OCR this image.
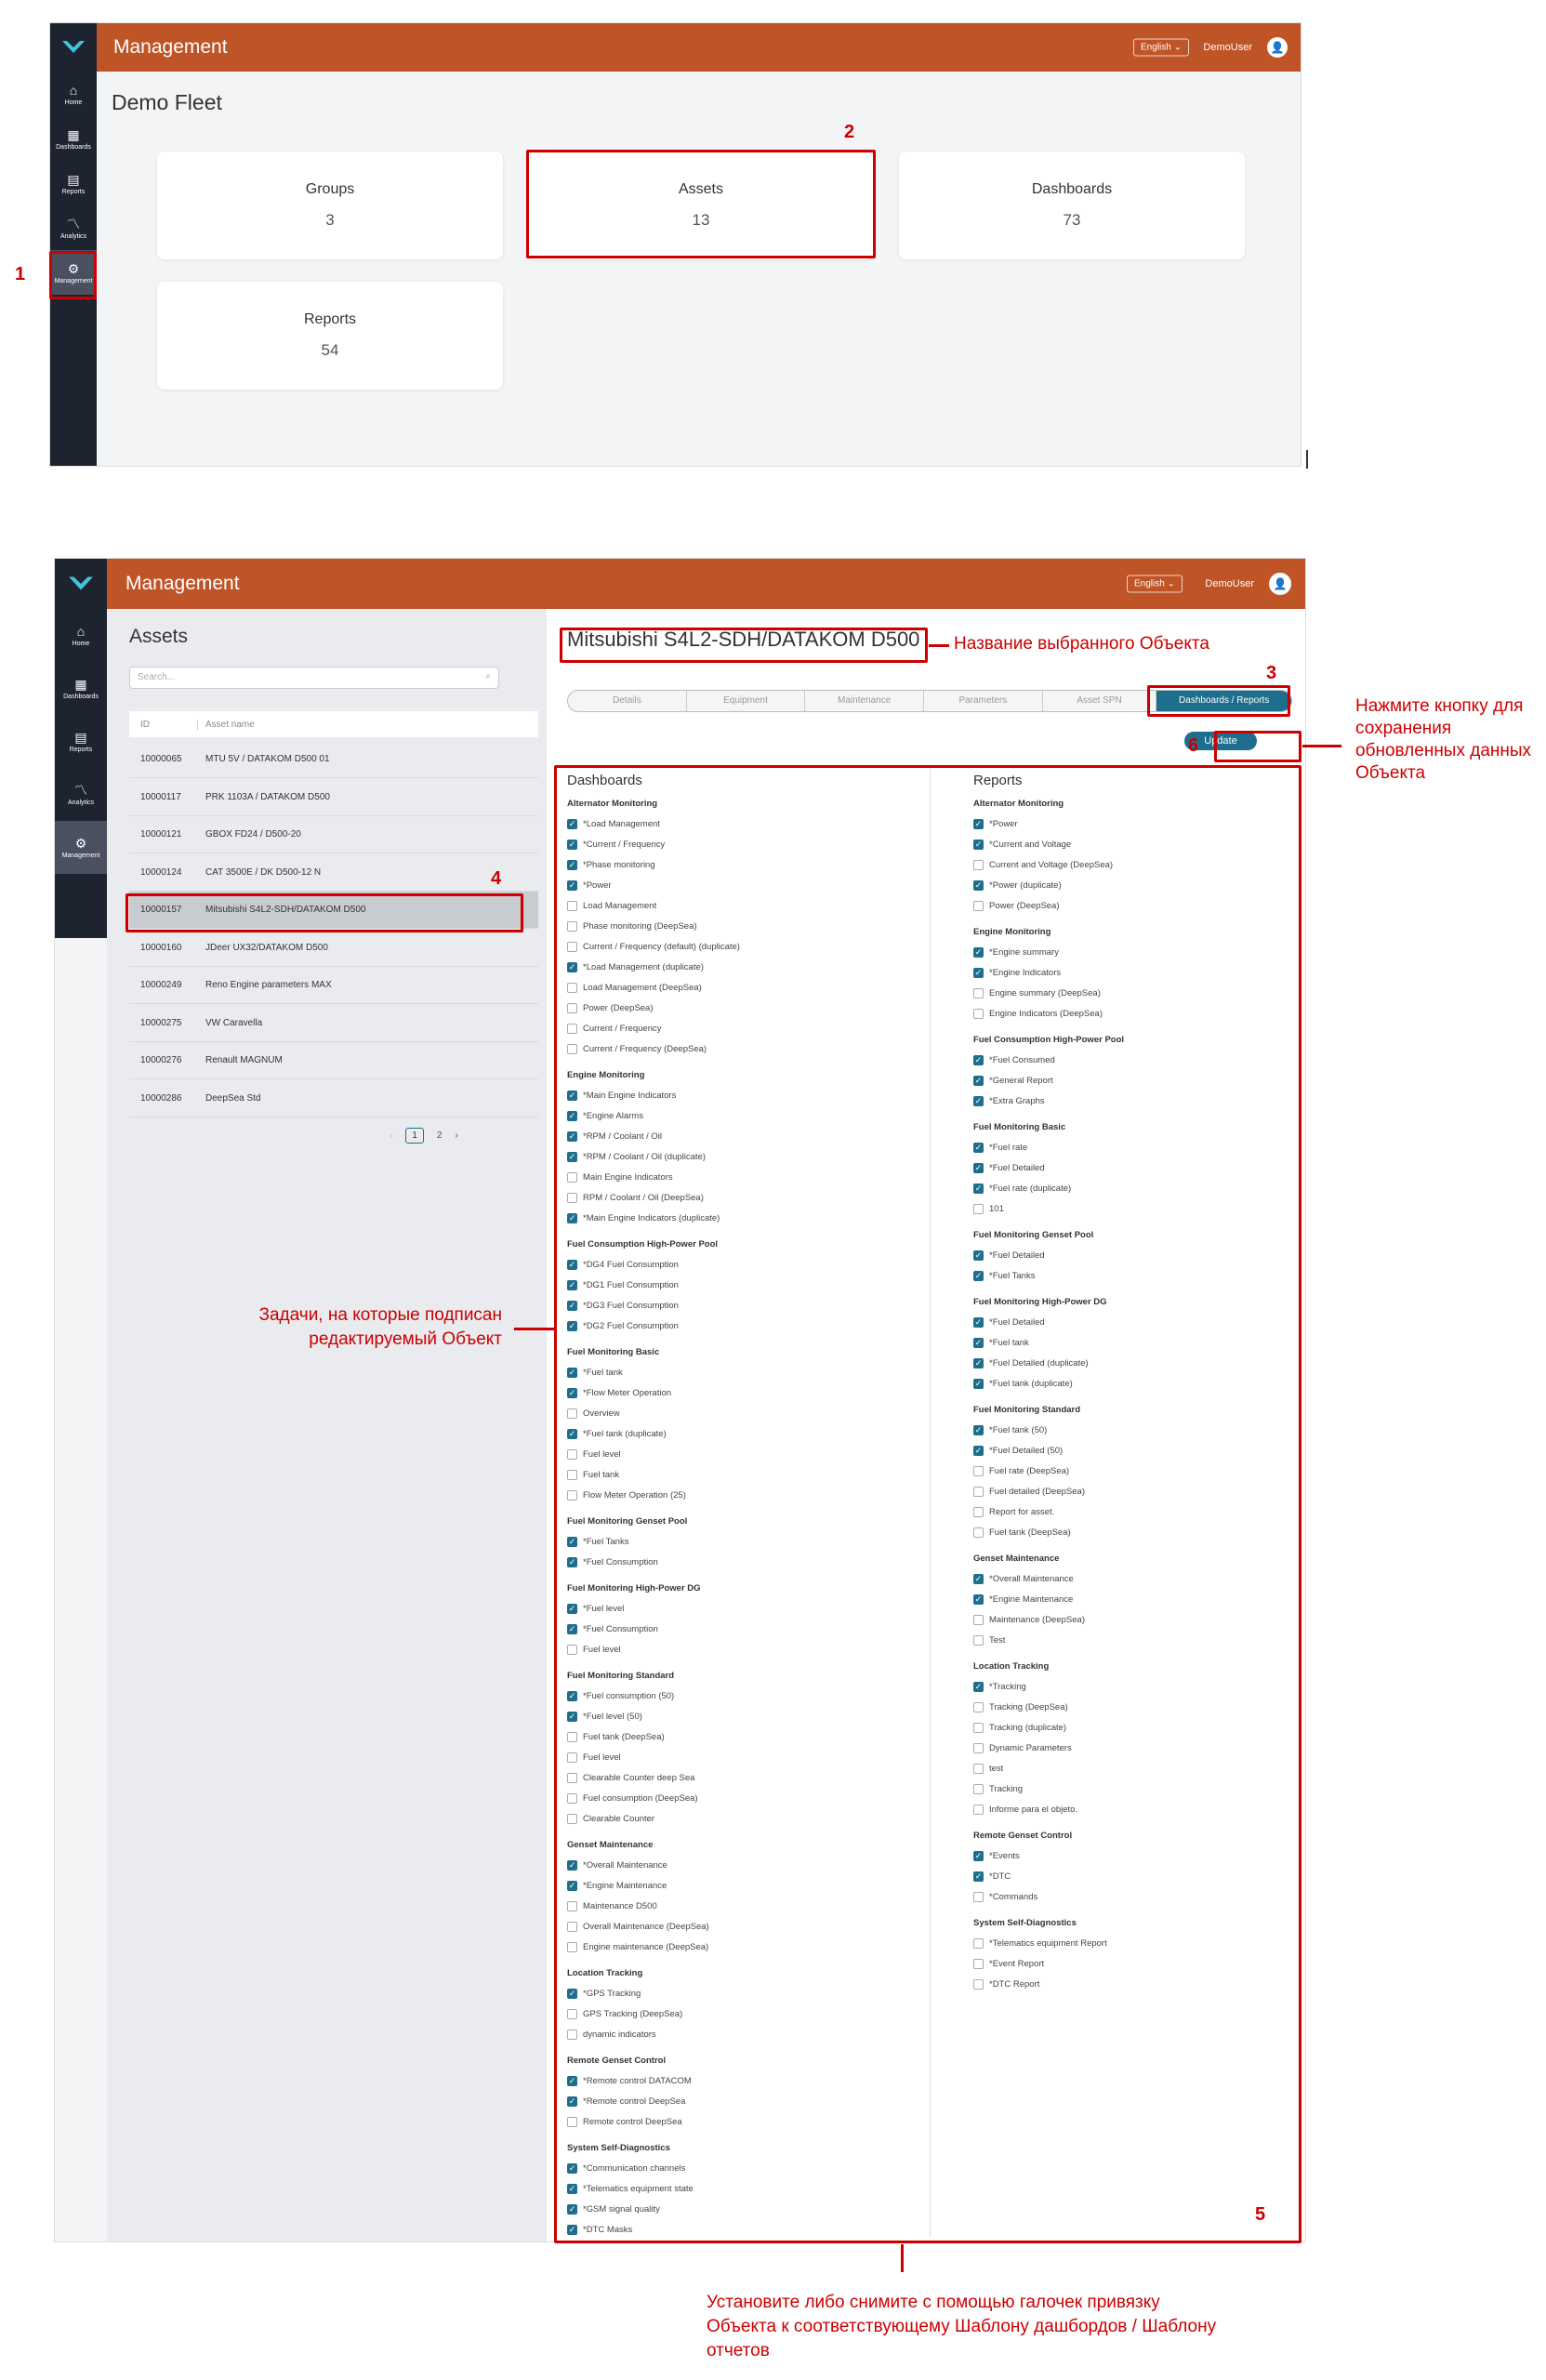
⌂
Home
▦
Dashboards
▤
Reports
〽
Analytics
⚙
Management
Management	English ⌄	DemoUser 👤
Demo Fleet
Groups
3
Assets
13
Dashboards
73
Reports
54
1
2
⌂
Home
▦
Dashboards
▤
Reports
〽
Analytics
⚙
Management
Management	English ⌄	DemoUser	👤
Assets
Search...	⌕
ID	Asset name
10000065	MTU 5V / DATAKOM D500 01
10000117	PRK 1103A / DATAKOM D500
10000121	GBOX FD24 / D500-20
10000124	CAT 3500E / DK D500-12 N
10000157	Mitsubishi S4L2-SDH/DATAKOM D500
10000160	JDeer UX32/DATAKOM D500
10000249	Reno Engine parameters MAX
10000275	VW Caravella
10000276	Renault MAGNUM
10000286	DeepSea Std
‹	1	2 ›
Mitsubishi S4L2-SDH/DATAKOM D500
Details	Equipment	Maintenance	Parameters	Asset SPN	Dashboards / Reports
Update
Dashboards	Reports
Alternator Monitoring
✓ *Load Management
✓ *Current / Frequency
✓ *Phase monitoring
✓ *Power
Load Management
Phase monitoring (DeepSea)
Current / Frequency (default) (duplicate)
✓ *Load Management (duplicate)
Load Management (DeepSea)
Power (DeepSea)
Current / Frequency
Current / Frequency (DeepSea)
Engine Monitoring
✓ *Main Engine Indicators
✓ *Engine Alarms
✓ *RPM / Coolant / Oil
✓ *RPM / Coolant / Oil (duplicate)
Main Engine Indicators
RPM / Coolant / Oil (DeepSea)
✓ *Main Engine Indicators (duplicate)
Fuel Consumption High-Power Pool
✓ *DG4 Fuel Consumption
✓ *DG1 Fuel Consumption
✓ *DG3 Fuel Consumption
✓ *DG2 Fuel Consumption
Fuel Monitoring Basic
✓ *Fuel tank
✓ *Flow Meter Operation
Overview
✓ *Fuel tank (duplicate)
Fuel level
Fuel tank
Flow Meter Operation (25)
Fuel Monitoring Genset Pool
✓ *Fuel Tanks
✓ *Fuel Consumption
Fuel Monitoring High-Power DG
✓ *Fuel level
✓ *Fuel Consumption
Fuel level
Fuel Monitoring Standard
✓ *Fuel consumption (50)
✓ *Fuel level (50)
Fuel tank (DeepSea)
Fuel level
Clearable Counter deep Sea
Fuel consumption (DeepSea)
Clearable Counter
Genset Maintenance
✓ *Overall Maintenance
✓ *Engine Maintenance
Maintenance D500
Overall Maintenance (DeepSea)
Engine maintenance (DeepSea)
Location Tracking
✓ *GPS Tracking
GPS Tracking (DeepSea)
dynamic indicators
Remote Genset Control
✓ *Remote control DATACOM
✓ *Remote control DeepSea
Remote control DeepSea
System Self-Diagnostics
✓ *Communication channels
✓ *Telematics equipment state
✓ *GSM signal quality
✓ *DTC Masks
Alternator Monitoring
✓ *Power
✓ *Current and Voltage
Current and Voltage (DeepSea)
✓ *Power (duplicate)
Power (DeepSea)
Engine Monitoring
✓ *Engine summary
✓ *Engine Indicators
Engine summary (DeepSea)
Engine Indicators (DeepSea)
Fuel Consumption High-Power Pool
✓ *Fuel Consumed
✓ *General Report
✓ *Extra Graphs
Fuel Monitoring Basic
✓ *Fuel rate
✓ *Fuel Detailed
✓ *Fuel rate (duplicate)
101
Fuel Monitoring Genset Pool
✓ *Fuel Detailed
✓ *Fuel Tanks
Fuel Monitoring High-Power DG
✓ *Fuel Detailed
✓ *Fuel tank
✓ *Fuel Detailed (duplicate)
✓ *Fuel tank (duplicate)
Fuel Monitoring Standard
✓ *Fuel tank (50)
✓ *Fuel Detailed (50)
Fuel rate (DeepSea)
Fuel detailed (DeepSea)
Report for asset.
Fuel tank (DeepSea)
Genset Maintenance
✓ *Overall Maintenance
✓ *Engine Maintenance
Maintenance (DeepSea)
Test
Location Tracking
✓ *Tracking
Tracking (DeepSea)
Tracking (duplicate)
Dynamic Parameters
test
Tracking
Informe para el objeto.
Remote Genset Control
✓ *Events
✓ *DTC
*Commands
System Self-Diagnostics
*Telematics equipment Report
*Event Report
*DTC Report
Название выбранного Объекта
3
Нажмите кнопку для сохранения обновленных данных Объекта
6
4
Задачи, на которые подписан редактируемый Объект
5
Установите либо снимите с помощью галочек привязку Объекта к соответствующему Шаблону дашбордов / Шаблону отчетов
